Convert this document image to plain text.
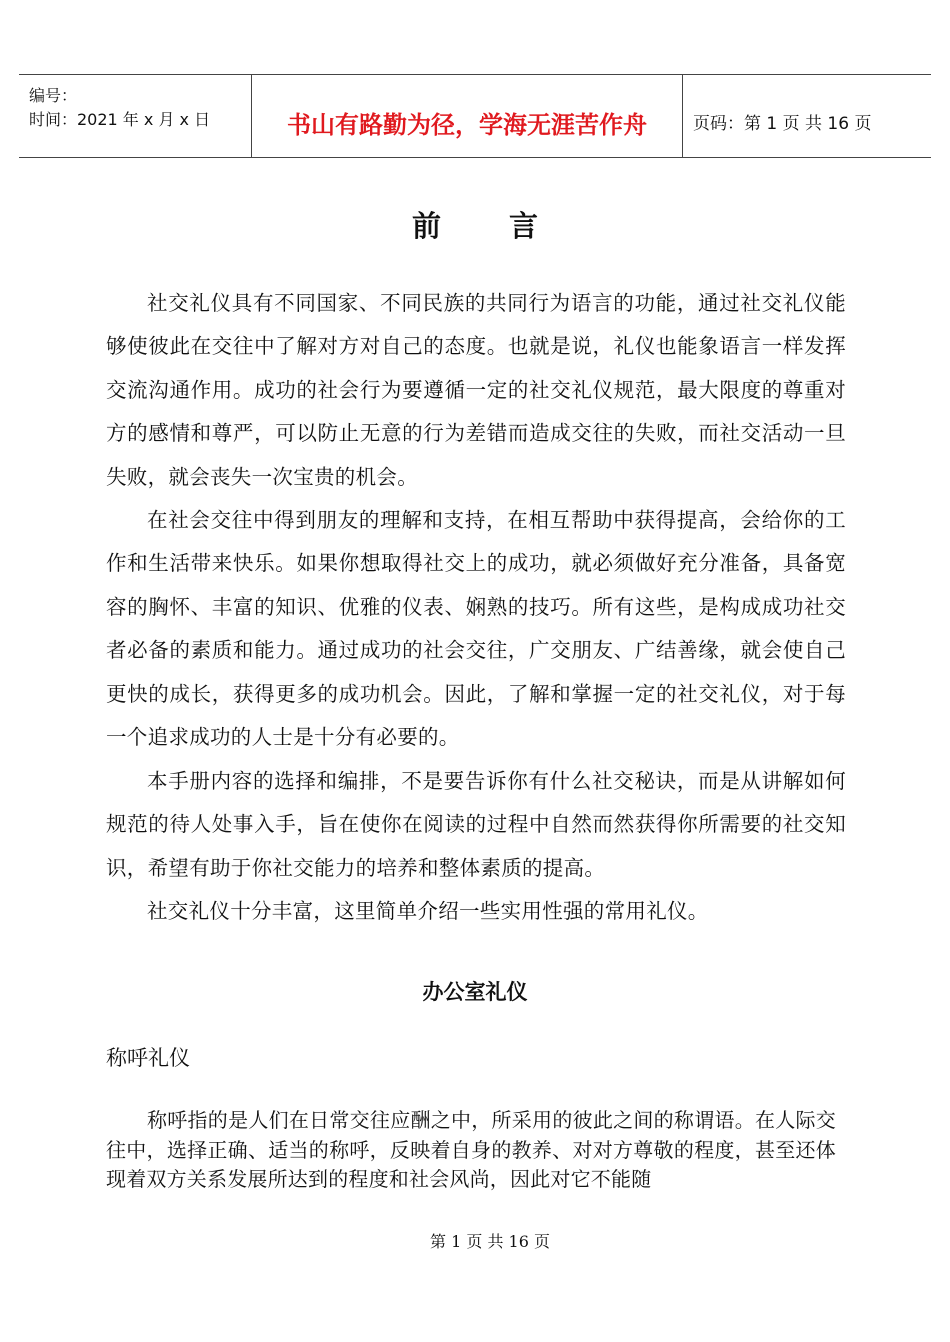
编号：
时间：2021 年 x 月 x 日	书山有路勤为径，学海无涯苦作舟	页码：第 1 页 共 16 页
前言

社交礼仪具有不同国家、不同民族的共同行为语言的功能，通过社交礼仪能够使彼此在交往中了解对方对自己的态度。也就是说，礼仪也能象语言一样发挥交流沟通作用。成功的社会行为要遵循一定的社交礼仪规范，最大限度的尊重对方的感情和尊严，可以防止无意的行为差错而造成交往的失败，而社交活动一旦失败，就会丧失一次宝贵的机会。

在社会交往中得到朋友的理解和支持，在相互帮助中获得提高，会给你的工作和生活带来快乐。如果你想取得社交上的成功，就必须做好充分准备，具备宽容的胸怀、丰富的知识、优雅的仪表、娴熟的技巧。所有这些，是构成成功社交者必备的素质和能力。通过成功的社会交往，广交朋友、广结善缘，就会使自己更快的成长，获得更多的成功机会。因此，了解和掌握一定的社交礼仪，对于每一个追求成功的人士是十分有必要的。

本手册内容的选择和编排，不是要告诉你有什么社交秘诀，而是从讲解如何规范的待人处事入手，旨在使你在阅读的过程中自然而然获得你所需要的社交知识，希望有助于你社交能力的培养和整体素质的提高。

社交礼仪十分丰富，这里简单介绍一些实用性强的常用礼仪。

办公室礼仪
称呼礼仪

称呼指的是人们在日常交往应酬之中，所采用的彼此之间的称谓语。在人际交往中，选择正确、适当的称呼，反映着自身的教养、对对方尊敬的程度，甚至还体现着双方关系发展所达到的程度和社会风尚，因此对它不能随

第 1 页 共 16 页
